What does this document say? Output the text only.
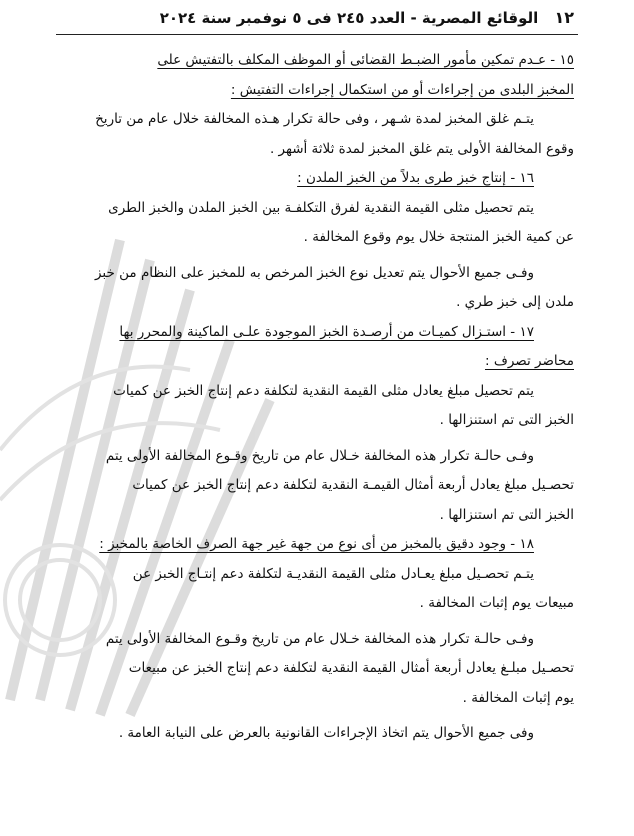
١٢
الوقائع المصرية - العدد ٢٤٥ فى ٥ نوفمبر سنة ٢٠٢٤
١٥ - عـدم تمكين مأمور الضبـط القضائى أو الموظف المكلف بالتفتيش على
المخبز البلدى من إجراءات أو من استكمال إجراءات التفتيش :
يتـم غلق المخبز لمدة شـهر ، وفى حالة تكرار هـذه المخالفة خلال عام من تاريخ
وقوع المخالفة الأولى يتم غلق المخبز لمدة ثلاثة أشهر .
١٦ - إنتاج خبز طرى بدلاً من الخبز الملدن :
يتم تحصيل مثلى القيمة النقدية لفرق التكلفـة بين الخبز الملدن والخبز الطرى
عن كمية الخبز المنتجة خلال يوم وقوع المخالفة .
وفـى جميع الأحوال يتم تعديل نوع الخبز المرخص به للمخبز على النظام من خبز
ملدن إلى خبز طري .
١٧ - استـزال كميـات من أرصـدة الخبز الموجودة علـى الماكينة والمحرر بها
محاضر تصرف :
يتم تحصيل مبلغ يعادل مثلى القيمة النقدية لتكلفة دعم إنتاج الخبز عن كميات
الخبز التى تم استنزالها .
وفـى حالـة تكرار هذه المخالفة خـلال عام من تاريخ وقـوع المخالفة الأولى يتم
تحصـيل مبلغ يعادل أربعة أمثال القيمـة النقدية لتكلفة دعم إنتاج الخبز عن كميات
الخبز التى تم استنزالها .
١٨ - وجود دقيق بالمخبز من أى نوع من جهة غير جهة الصرف الخاصة بالمخبز :
يتـم تحصـيل مبلغ يعـادل مثلى القيمة النقديـة لتكلفة دعم إنتـاج الخبز عن
مبيعات يوم إثبات المخالفة .
وفـى حالـة تكرار هذه المخالفة خـلال عام من تاريخ وقـوع المخالفة الأولى يتم
تحصـيل مبلـغ يعادل أربعة أمثال القيمة النقدية لتكلفة دعم إنتاج الخبز عن مبيعات
يوم إثبات المخالفة .
وفى جميع الأحوال يتم اتخاذ الإجراءات القانونية بالعرض على النيابة العامة .
